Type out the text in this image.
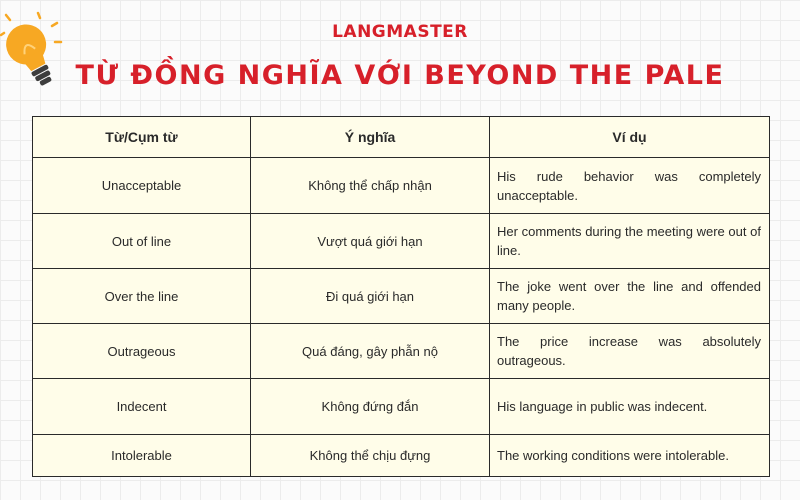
LANGMASTER
TỪ ĐỒNG NGHĨA VỚI BEYOND THE PALE
Từ/Cụm từ	Ý nghĩa	Ví dụ
Unacceptable	Không thể chấp nhận	His rude behavior was completely unacceptable.
Out of line	Vượt quá giới hạn	Her comments during the meeting were out of line.
Over the line	Đi quá giới hạn	The joke went over the line and offended many people.
Outrageous	Quá đáng, gây phẫn nộ	The price increase was absolutely outrageous.
Indecent	Không đứng đắn	His language in public was indecent.
Intolerable	Không thể chịu đựng	The working conditions were intolerable.
